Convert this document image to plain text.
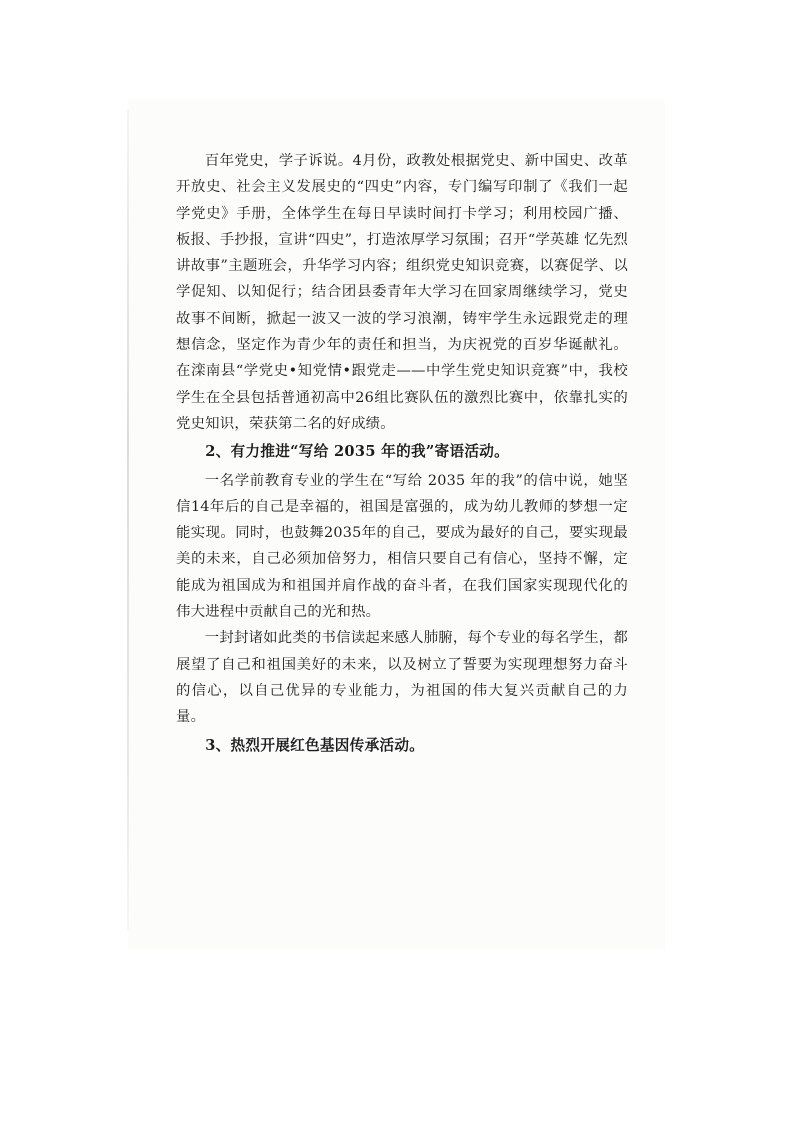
百年党史，学子诉说。4月份，政教处根据党史、新中国史、改革开放史、社会主义发展史的“四史”内容，专门编写印制了《我们一起学党史》手册，全体学生在每日早读时间打卡学习；利用校园广播、板报、手抄报，宣讲“四史”，打造浓厚学习氛围；召开“学英雄 忆先烈 讲故事”主题班会，升华学习内容；组织党史知识竞赛，以赛促学、以学促知、以知促行；结合团县委青年大学习在回家周继续学习，党史故事不间断，掀起一波又一波的学习浪潮，铸牢学生永远跟党走的理想信念，坚定作为青少年的责任和担当，为庆祝党的百岁华诞献礼。在滦南县“学党史•知党情•跟党走——中学生党史知识竞赛”中，我校学生在全县包括普通初高中26组比赛队伍的激烈比赛中，依靠扎实的党史知识，荣获第二名的好成绩。

2、有力推进“写给 2035 年的我”寄语活动。

一名学前教育专业的学生在“写给 2035 年的我”的信中说，她坚信14年后的自己是幸福的，祖国是富强的，成为幼儿教师的梦想一定能实现。同时，也鼓舞2035年的自己，要成为最好的自己，要实现最美的未来，自己必须加倍努力，相信只要自己有信心，坚持不懈，定能成为祖国成为和祖国并肩作战的奋斗者，在我们国家实现现代化的伟大进程中贡献自己的光和热。

一封封诸如此类的书信读起来感人肺腑，每个专业的每名学生，都展望了自己和祖国美好的未来，以及树立了誓要为实现理想努力奋斗的信心，以自己优异的专业能力，为祖国的伟大复兴贡献自己的力量。

3、热烈开展红色基因传承活动。
